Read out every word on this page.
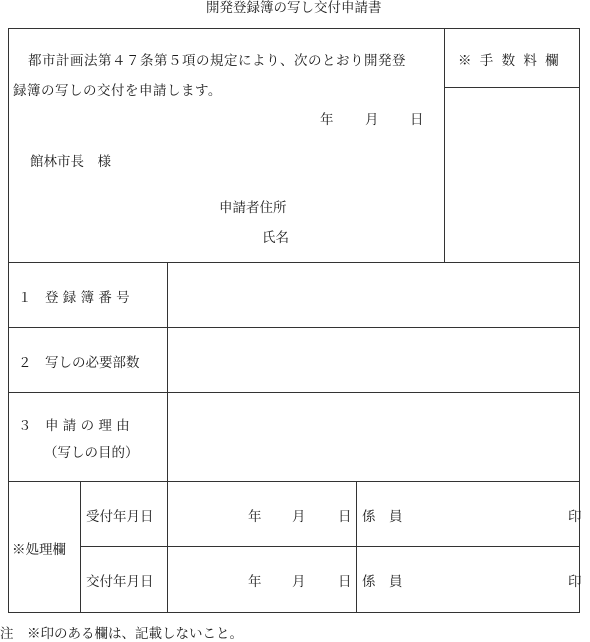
開発登録簿の写し交付申請書
都市計画法第４７条第５項の規定により、次のとおり開発登
録簿の写しの交付を申請します。
年 月 日
館林市長　様
申請者住所
氏名
※ 手 数 料 欄
１　登 録 簿 番 号
２　写しの必要部数
３　申 請 の 理 由
（写しの目的）
※処理欄
受付年月日	年 月 日 係　員	印
交付年月日	年 月 日 係　員	印
注　※印のある欄は、記載しないこと。
